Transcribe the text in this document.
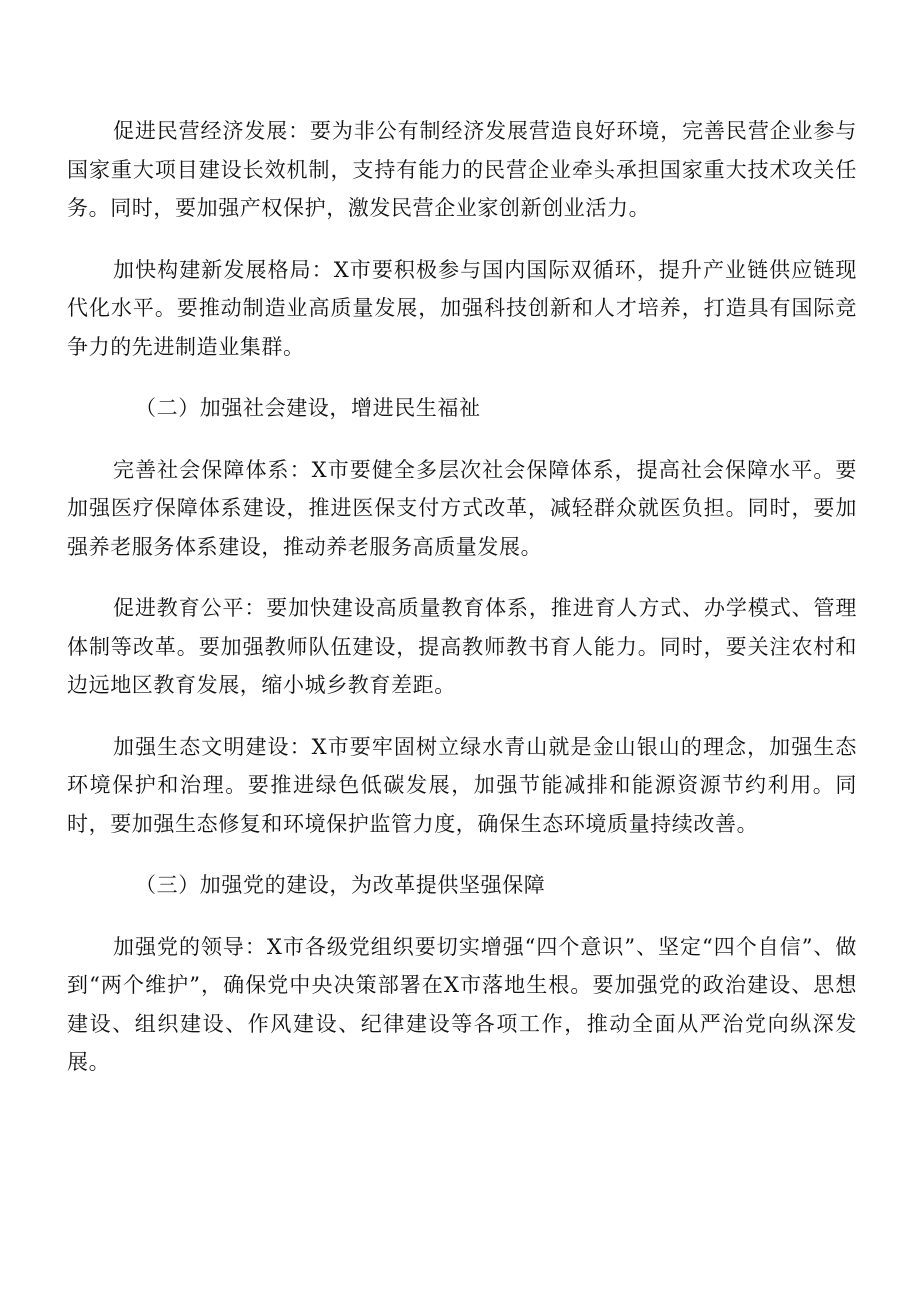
促进民营经济发展：要为非公有制经济发展营造良好环境，完善民营企业参与国家重大项目建设长效机制，支持有能力的民营企业牵头承担国家重大技术攻关任务。同时，要加强产权保护，激发民营企业家创新创业活力。

加快构建新发展格局：X市要积极参与国内国际双循环，提升产业链供应链现代化水平。要推动制造业高质量发展，加强科技创新和人才培养，打造具有国际竞争力的先进制造业集群。

（二）加强社会建设，增进民生福祉

完善社会保障体系：X市要健全多层次社会保障体系，提高社会保障水平。要加强医疗保障体系建设，推进医保支付方式改革，减轻群众就医负担。同时，要加强养老服务体系建设，推动养老服务高质量发展。

促进教育公平：要加快建设高质量教育体系，推进育人方式、办学模式、管理体制等改革。要加强教师队伍建设，提高教师教书育人能力。同时，要关注农村和边远地区教育发展，缩小城乡教育差距。

加强生态文明建设：X市要牢固树立绿水青山就是金山银山的理念，加强生态环境保护和治理。要推进绿色低碳发展，加强节能减排和能源资源节约利用。同时，要加强生态修复和环境保护监管力度，确保生态环境质量持续改善。

（三）加强党的建设，为改革提供坚强保障

加强党的领导：X市各级党组织要切实增强“四个意识”、坚定“四个自信”、做到“两个维护”，确保党中央决策部署在X市落地生根。要加强党的政治建设、思想建设、组织建设、作风建设、纪律建设等各项工作，推动全面从严治党向纵深发展。
